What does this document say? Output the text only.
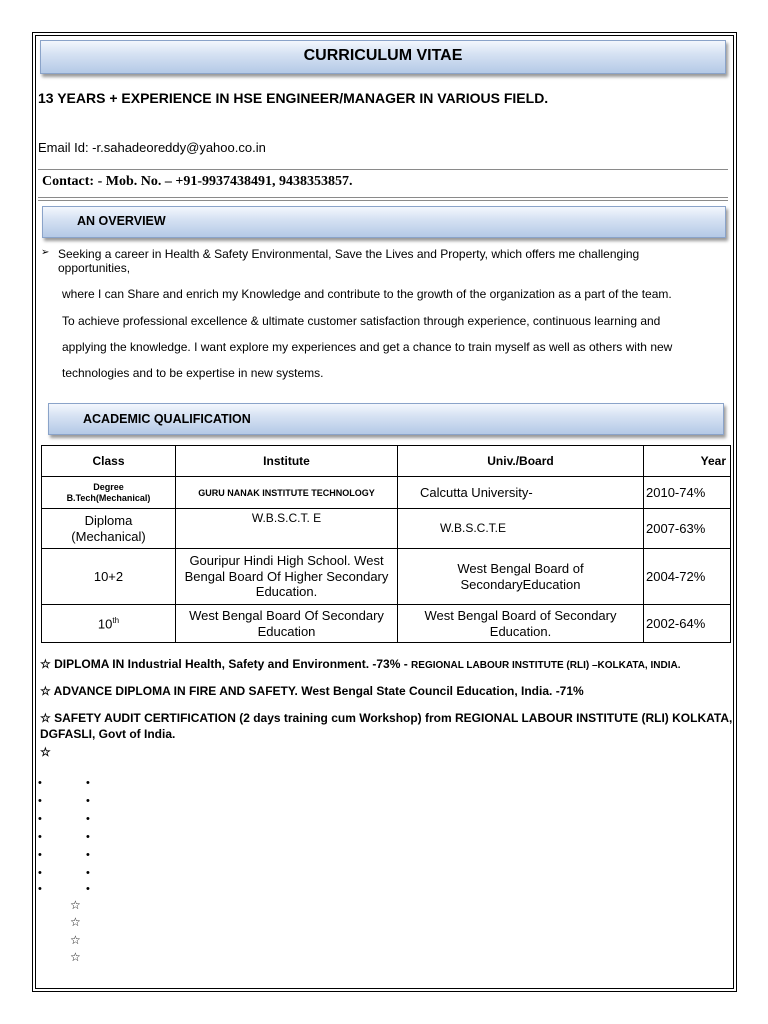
CURRICULUM VITAE
13 YEARS + EXPERIENCE IN HSE ENGINEER/MANAGER IN VARIOUS FIELD.
Email Id: -r.sahadeoreddy@yahoo.co.in
Contact: - Mob. No. – +91-9937438491, 9438353857.
AN OVERVIEW
➢ Seeking a career in Health & Safety Environmental, Save the Lives and Property, which offers me challenging
opportunities,
where I can Share and enrich my Knowledge and contribute to the growth of the organization as a part of the team.
To achieve professional excellence & ultimate customer satisfaction through experience, continuous learning and
applying the knowledge. I want explore my experiences and get a chance to train myself as well as others with new
technologies and to be expertise in new systems.
ACADEMIC QUALIFICATION
Class	Institute	Univ./Board	Year

Degree
B.Tech(Mechanical)	GURU NANAK INSTITUTE TECHNOLOGY	Calcutta University-	2010-74%

Diploma
(Mechanical)	W.B.S.C.T. E	W.B.S.C.T.E	2007-63%
10+2	Gouripur Hindi High School. West Bengal Board Of Higher Secondary Education.	West Bengal Board of SecondaryEducation	2004-72%
10th	West Bengal Board Of Secondary Education	West Bengal Board of Secondary Education.	2002-64%
☆ DIPLOMA IN Industrial Health, Safety and Environment. -73% - REGIONAL LABOUR INSTITUTE (RLI) –KOLKATA, INDIA.
☆ ADVANCE DIPLOMA IN FIRE AND SAFETY. West Bengal State Council Education, India. -71%
☆ SAFETY AUDIT CERTIFICATION (2 days training cum Workshop) from REGIONAL LABOUR INSTITUTE (RLI) KOLKATA,
DGFASLI, Govt of India.
☆
•	•
•	•
•	•
•	•
•	•
•	•
•	•
☆
☆
☆
☆
